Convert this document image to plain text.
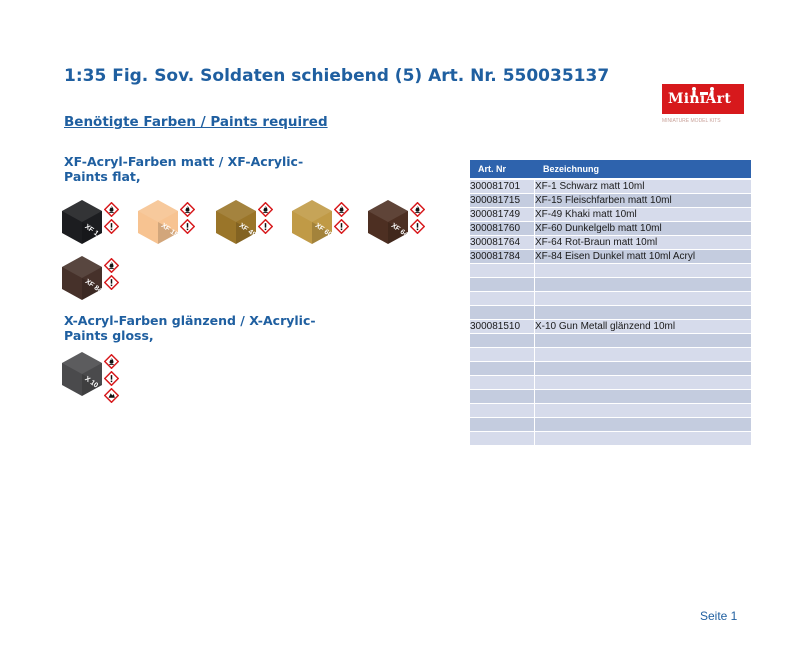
1:35 Fig. Sov. Soldaten schiebend (5) Art. Nr. 550035137
MiniArt
MINIATURE MODEL KITS
Benötigte Farben / Paints required
XF-Acryl-Farben matt / XF-Acrylic-Paints flat,
X-Acryl-Farben glänzend / X-Acrylic-Paints gloss,
XF 1	XF 15	XF 49	XF 60	XF 64
XF 84
X 10
Art. Nr	Bezeichnung
300081701	XF-1 Schwarz matt 10ml
300081715	XF-15 Fleischfarben matt 10ml
300081749	XF-49 Khaki matt 10ml
300081760	XF-60 Dunkelgelb matt 10ml
300081764	XF-64 Rot-Braun matt 10ml
300081784	XF-84 Eisen Dunkel matt 10ml Acryl

300081510	X-10 Gun Metall glänzend 10ml

Seite 1
